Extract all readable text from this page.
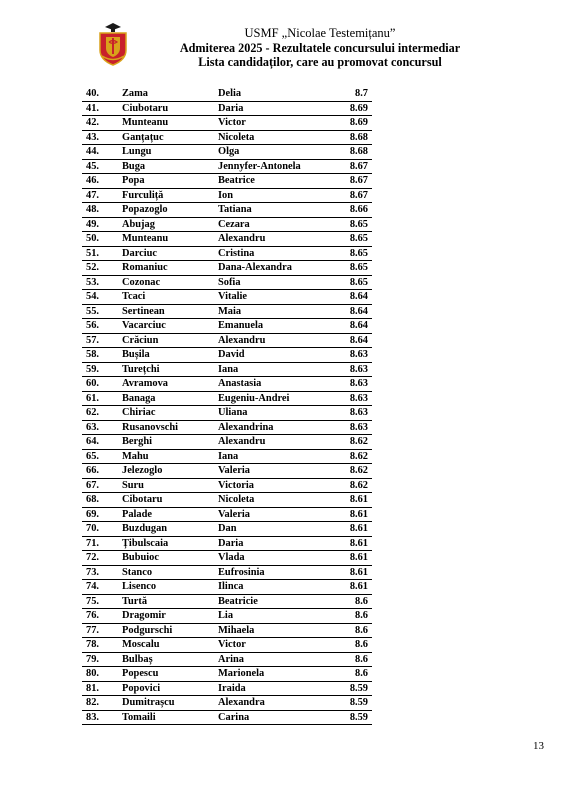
USMF „Nicolae Testemițanu”
Admiterea 2025 - Rezultatele concursului intermediar
Lista candidaților, care au promovat concursul
40.	Zama	Delia	8.7
41.	Ciubotaru	Daria	8.69
42.	Munteanu	Victor	8.69
43.	Ganțațuc	Nicoleta	8.68
44.	Lungu	Olga	8.68
45.	Buga	Jennyfer-Antonela	8.67
46.	Popa	Beatrice	8.67
47.	Furculiță	Ion	8.67
48.	Popazoglo	Tatiana	8.66
49.	Abujag	Cezara	8.65
50.	Munteanu	Alexandru	8.65
51.	Darciuc	Cristina	8.65
52.	Romaniuc	Dana-Alexandra	8.65
53.	Cozonac	Sofia	8.65
54.	Tcaci	Vitalie	8.64
55.	Sertinean	Maia	8.64
56.	Vacarciuc	Emanuela	8.64
57.	Crăciun	Alexandru	8.64
58.	Bușila	David	8.63
59.	Turețchi	Iana	8.63
60.	Avramova	Anastasia	8.63
61.	Banaga	Eugeniu-Andrei	8.63
62.	Chiriac	Uliana	8.63
63.	Rusanovschi	Alexandrina	8.63
64.	Berghi	Alexandru	8.62
65.	Mahu	Iana	8.62
66.	Jelezoglo	Valeria	8.62
67.	Suru	Victoria	8.62
68.	Cibotaru	Nicoleta	8.61
69.	Palade	Valeria	8.61
70.	Buzdugan	Dan	8.61
71.	Țibulscaia	Daria	8.61
72.	Bubuioc	Vlada	8.61
73.	Stanco	Eufrosinia	8.61
74.	Lisenco	Ilinca	8.61
75.	Turtă	Beatricie	8.6
76.	Dragomir	Lia	8.6
77.	Podgurschi	Mihaela	8.6
78.	Moscalu	Victor	8.6
79.	Bulbaș	Arina	8.6
80.	Popescu	Marionela	8.6
81.	Popovici	Iraida	8.59
82.	Dumitrașcu	Alexandra	8.59
83.	Tomaili	Carina	8.59
13
